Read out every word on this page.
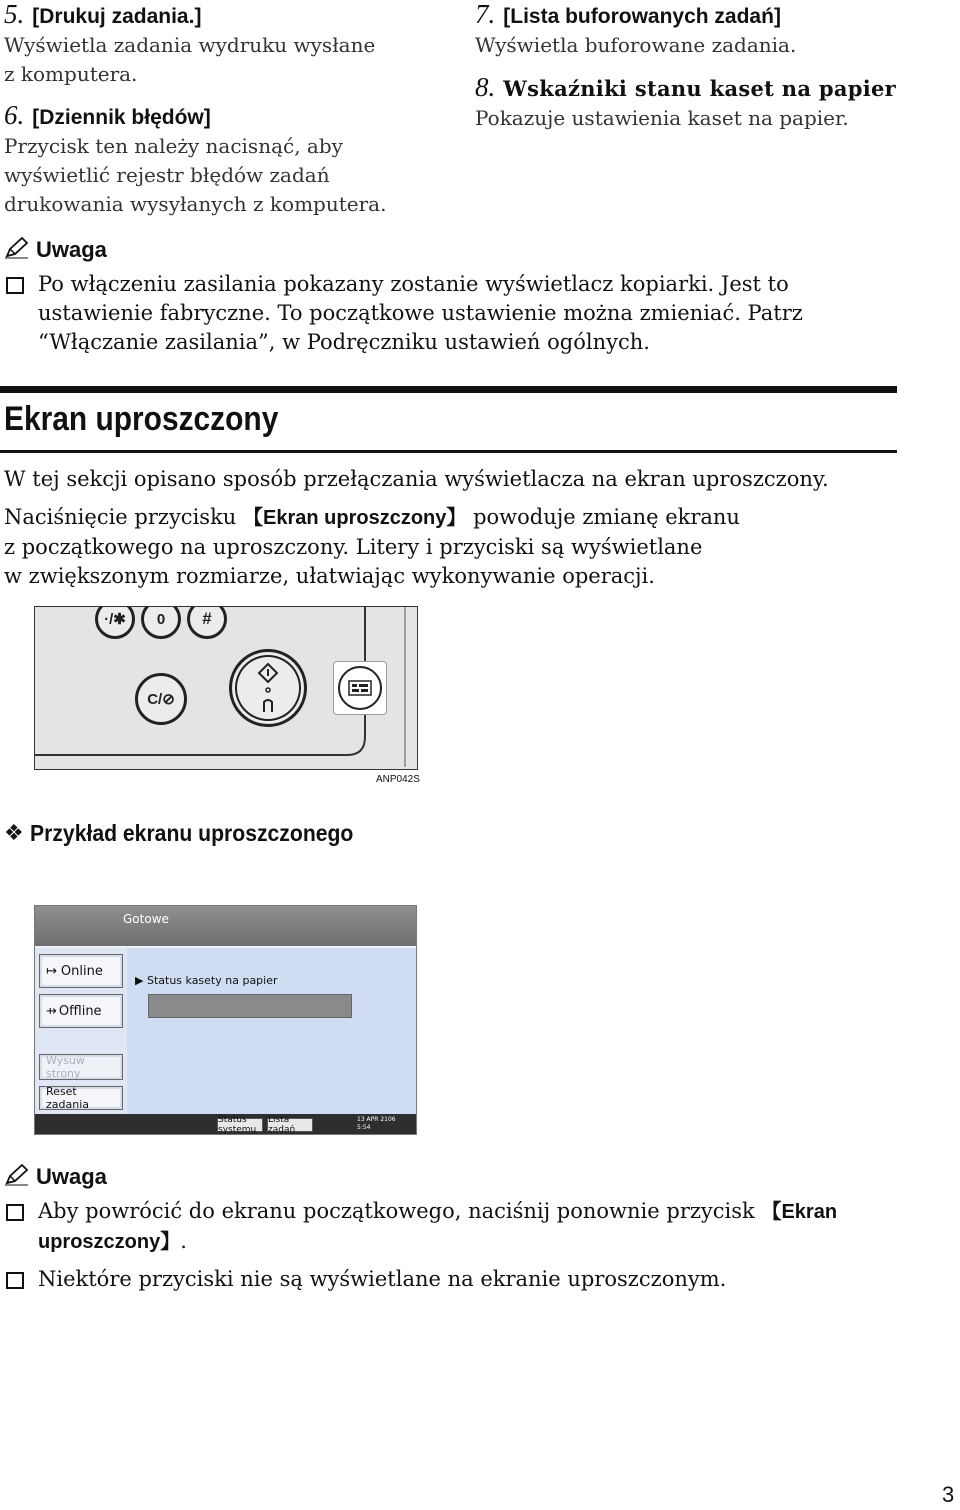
5. [Drukuj zadania.]
Wyświetla zadania wydruku wysłane
z komputera.
6. [Dziennik błędów]
Przycisk ten należy nacisnąć, aby
wyświetlić rejestr błędów zadań
drukowania wysyłanych z komputera.
7. [Lista buforowanych zadań]
Wyświetla buforowane zadania.
8. Wskaźniki stanu kaset na papier
Pokazuje ustawienia kaset na papier.
Uwaga
Po włączeniu zasilania pokazany zostanie wyświetlacz kopiarki. Jest to
ustawienie fabryczne. To początkowe ustawienie można zmieniać. Patrz
“Włączanie zasilania”, w Podręczniku ustawień ogólnych.
Ekran uproszczony
W tej sekcji opisano sposób przełączania wyświetlacza na ekran uproszczony.
Naciśnięcie przycisku 【Ekran uproszczony】 powoduje zmianę ekranu
z początkowego na uproszczony. Litery i przyciski są wyświetlane
w zwiększonym rozmiarze, ułatwiając wykonywanie operacji.
·/✱	0	#
C/⊘
ANP042S
❖ Przykład ekranu uproszczonego
Gotowe
↦ Online
⇸ Offline
Wysuw strony
Reset zadania
▶ Status kasety na papier
Status systemu
Lista zadań
13 APR 2106
5:54
Uwaga
Aby powrócić do ekranu początkowego, naciśnij ponownie przycisk 【Ekran
uproszczony】.
Niektóre przyciski nie są wyświetlane na ekranie uproszczonym.
3
